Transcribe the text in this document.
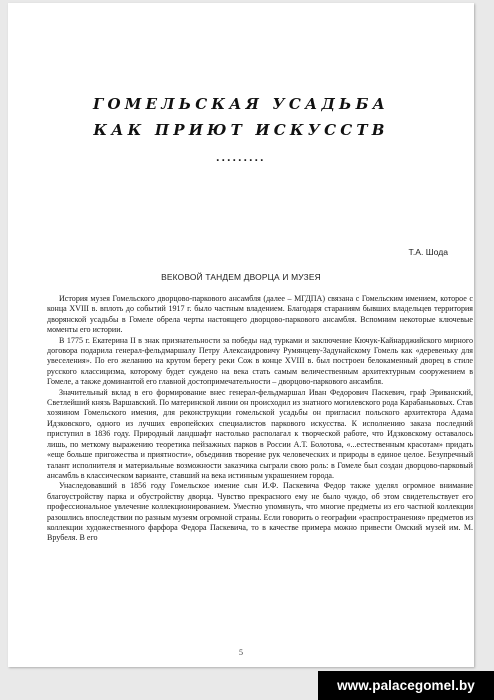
ГОМЕЛЬСКАЯ УСАДЬБА
КАК ПРИЮТ ИСКУССТВ
.........
Т.А. Шода
ВЕКОВОЙ ТАНДЕМ ДВОРЦА И МУЗЕЯ

История музея Гомельского дворцово-паркового ансамбля (далее – МГДПА) связана с Гомельским имением, которое с конца XVIII в. вплоть до событий 1917 г. было частным владением. Благодаря стараниям бывших владельцев территория дворянской усадьбы в Гомеле обрела черты настоящего дворцово-паркового ансамбля. Вспомним некоторые ключевые моменты его истории.

В 1775 г. Екатерина II в знак признательности за победы над турками и заключение Кючук-Кайнарджийского мирного договора подарила генерал-фельдмаршалу Петру Александровичу Румянцеву-Задунайскому Гомель как «деревеньку для увеселения». По его желанию на крутом берегу реки Сож в конце XVIII в. был построен белокаменный дворец в стиле русского классицизма, которому будет суждено на века стать самым величественным архитектурным сооружением в Гомеле, а также доминантой его главной достопримечательности – дворцово-паркового ансамбля.

Значительный вклад в его формирование внес генерал-фельдмаршал Иван Федорович Паскевич, граф Эриванский, Светлейший князь Варшавский. По материнской линии он происходил из знатного могилевского рода Карабаньковых. Став хозяином Гомельского имения, для реконструкции гомельской усадьбы он пригласил польского архитектора Адама Идзковского, одного из лучших европейских специалистов паркового искусства. К исполнению заказа последний приступил в 1836 году. Природный ландшафт настолько располагал к творческой работе, что Идзковскому оставалось лишь, по меткому выражению теоретика пейзажных парков в России А.Т. Болотова, «...естественным красотам» придать «еще больше пригожества и приятности», объединив творение рук человеческих и природы в единое целое. Безупречный талант исполнителя и материальные возможности заказчика сыграли свою роль: в Гомеле был создан дворцово-парковый ансамбль в классическом варианте, ставший на века истинным украшением города.

Унаследовавший в 1856 году Гомельское имение сын И.Ф. Паскевича Федор также уделял огромное внимание благоустройству парка и обустройству дворца. Чувство прекрасного ему не было чуждо, об этом свидетельствует его профессиональное увлечение коллекционированием. Уместно упомянуть, что многие предметы из его частной коллекции разошлись впоследствии по разным музеям огромной страны. Если говорить о географии «распространения» предметов из коллекции художественного фарфора Федора Паскевича, то в качестве примера можно привести Омский музей им. М. Врубеля. В его

5
www.palacegomel.by
